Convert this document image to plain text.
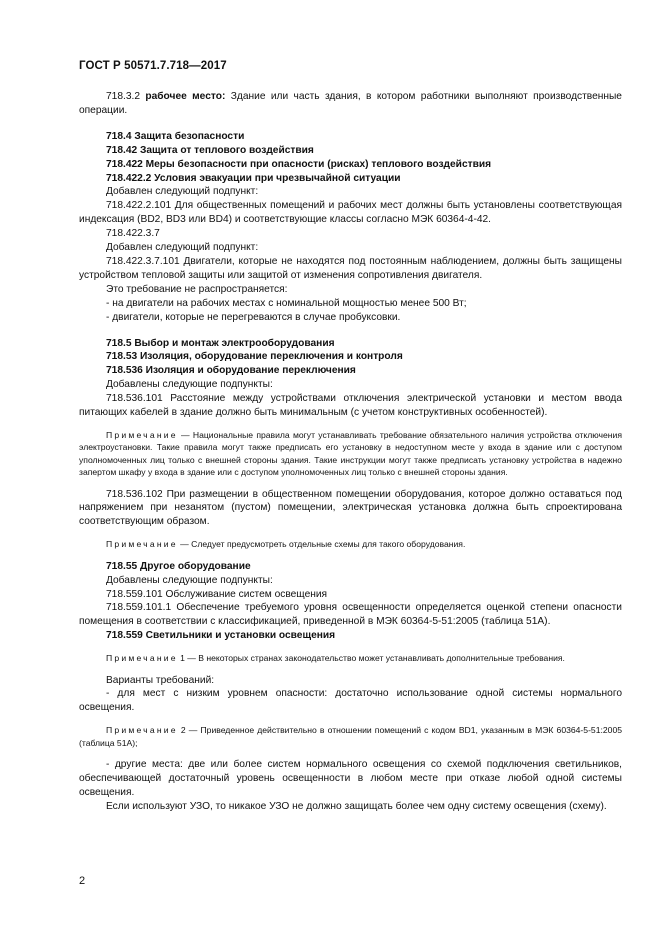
ГОСТ Р 50571.7.718—2017

718.3.2 рабочее место: Здание или часть здания, в котором работники выполняют производственные операции.

718.4 Защита безопасности

718.42 Защита от теплового воздействия

718.422 Меры безопасности при опасности (рисках) теплового воздействия

718.422.2 Условия эвакуации при чрезвычайной ситуации

Добавлен следующий подпункт:

718.422.2.101 Для общественных помещений и рабочих мест должны быть установлены соответствующая индексация (BD2, BD3 или BD4) и соответствующие классы согласно МЭК 60364-4-42.

718.422.3.7

Добавлен следующий подпункт:

718.422.3.7.101 Двигатели, которые не находятся под постоянным наблюдением, должны быть защищены устройством тепловой защиты или защитой от изменения сопротивления двигателя.

Это требование не распространяется:

- на двигатели на рабочих местах с номинальной мощностью менее 500 Вт;

- двигатели, которые не перегреваются в случае пробуксовки.

718.5 Выбор и монтаж электрооборудования

718.53 Изоляция, оборудование переключения и контроля

718.536 Изоляция и оборудование переключения

Добавлены следующие подпункты:

718.536.101 Расстояние между устройствами отключения электрической установки и местом ввода питающих кабелей в здание должно быть минимальным (с учетом конструктивных особенностей).

Примечание — Национальные правила могут устанавливать требование обязательного наличия устройства отключения электроустановки. Такие правила могут также предписать его установку в недоступном месте у входа в здание или с доступом уполномоченных лиц только с внешней стороны здания. Такие инструкции могут также предписать установку устройства в надежно запертом шкафу у входа в здание или с доступом уполномоченных лиц только с внешней стороны здания.

718.536.102 При размещении в общественном помещении оборудования, которое должно оставаться под напряжением при незанятом (пустом) помещении, электрическая установка должна быть спроектирована соответствующим образом.

Примечание — Следует предусмотреть отдельные схемы для такого оборудования.

718.55 Другое оборудование

Добавлены следующие подпункты:

718.559.101 Обслуживание систем освещения

718.559.101.1 Обеспечение требуемого уровня освещенности определяется оценкой степени опасности помещения в соответствии с классификацией, приведенной в МЭК 60364-5-51:2005 (таблица 51А).

718.559 Светильники и установки освещения

Примечание 1 — В некоторых странах законодательство может устанавливать дополнительные требования.

Варианты требований:

- для мест с низким уровнем опасности: достаточно использование одной системы нормального освещения.

Примечание 2 — Приведенное действительно в отношении помещений с кодом BD1, указанным в МЭК 60364-5-51:2005 (таблица 51А);

- другие места: две или более систем нормального освещения со схемой подключения светильников, обеспечивающей достаточный уровень освещенности в любом месте при отказе любой одной системы освещения.

Если используют УЗО, то никакое УЗО не должно защищать более чем одну систему освещения (схему).

2
